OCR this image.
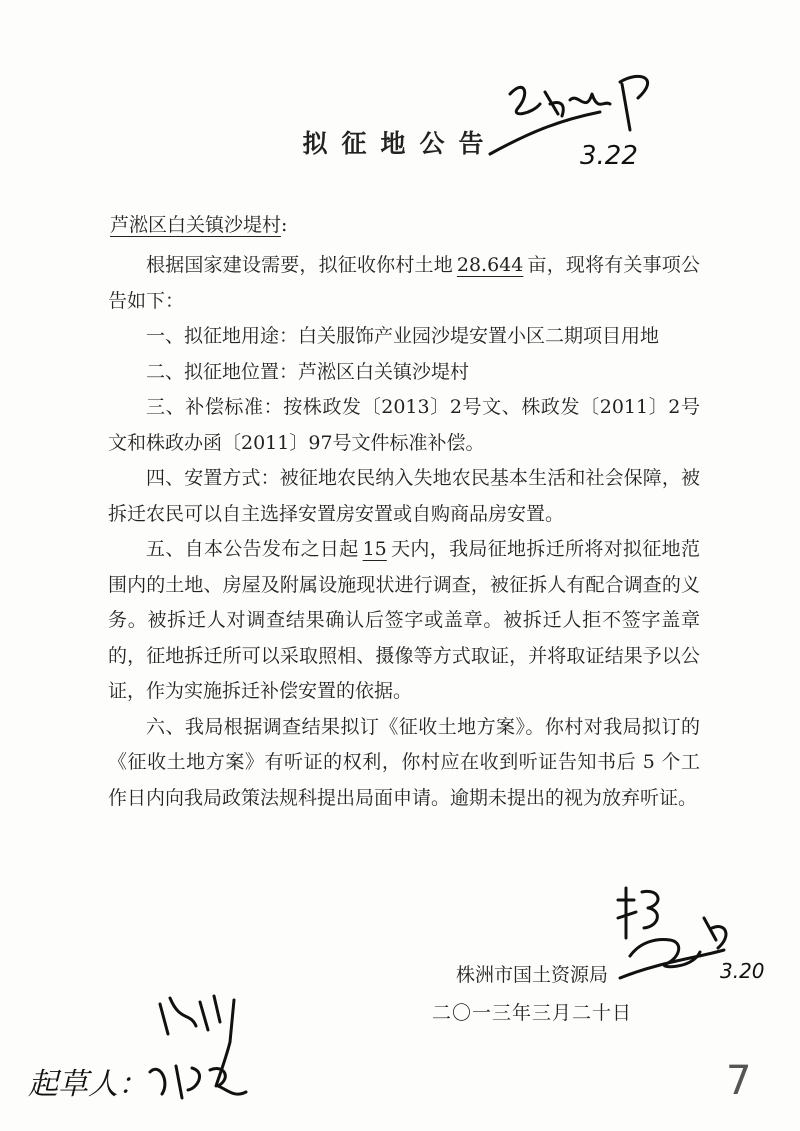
拟征地公告	3.22
芦淞区白关镇沙堤村:

根据国家建设需要，拟征收你村土地 28.644 亩，现将有关事项公告如下：

一、拟征地用途：白关服饰产业园沙堤安置小区二期项目用地

二、拟征地位置：芦淞区白关镇沙堤村

三、补偿标准：按株政发〔2013〕2号文、株政发〔2011〕2号文和株政办函〔2011〕97号文件标准补偿。

四、安置方式：被征地农民纳入失地农民基本生活和社会保障，被拆迁农民可以自主选择安置房安置或自购商品房安置。

五、自本公告发布之日起 15 天内，我局征地拆迁所将对拟征地范围内的土地、房屋及附属设施现状进行调查，被征拆人有配合调查的义务。被拆迁人对调查结果确认后签字或盖章。被拆迁人拒不签字盖章的，征地拆迁所可以采取照相、摄像等方式取证，并将取证结果予以公证，作为实施拆迁补偿安置的依据。

六、我局根据调查结果拟订《征收土地方案》。你村对我局拟订的《征收土地方案》有听证的权利，你村应在收到听证告知书后 5 个工作日内向我局政策法规科提出局面申请。逾期未提出的视为放弃听证。

3.20
株洲市国土资源局
二〇一三年三月二十日
起草人：	7
